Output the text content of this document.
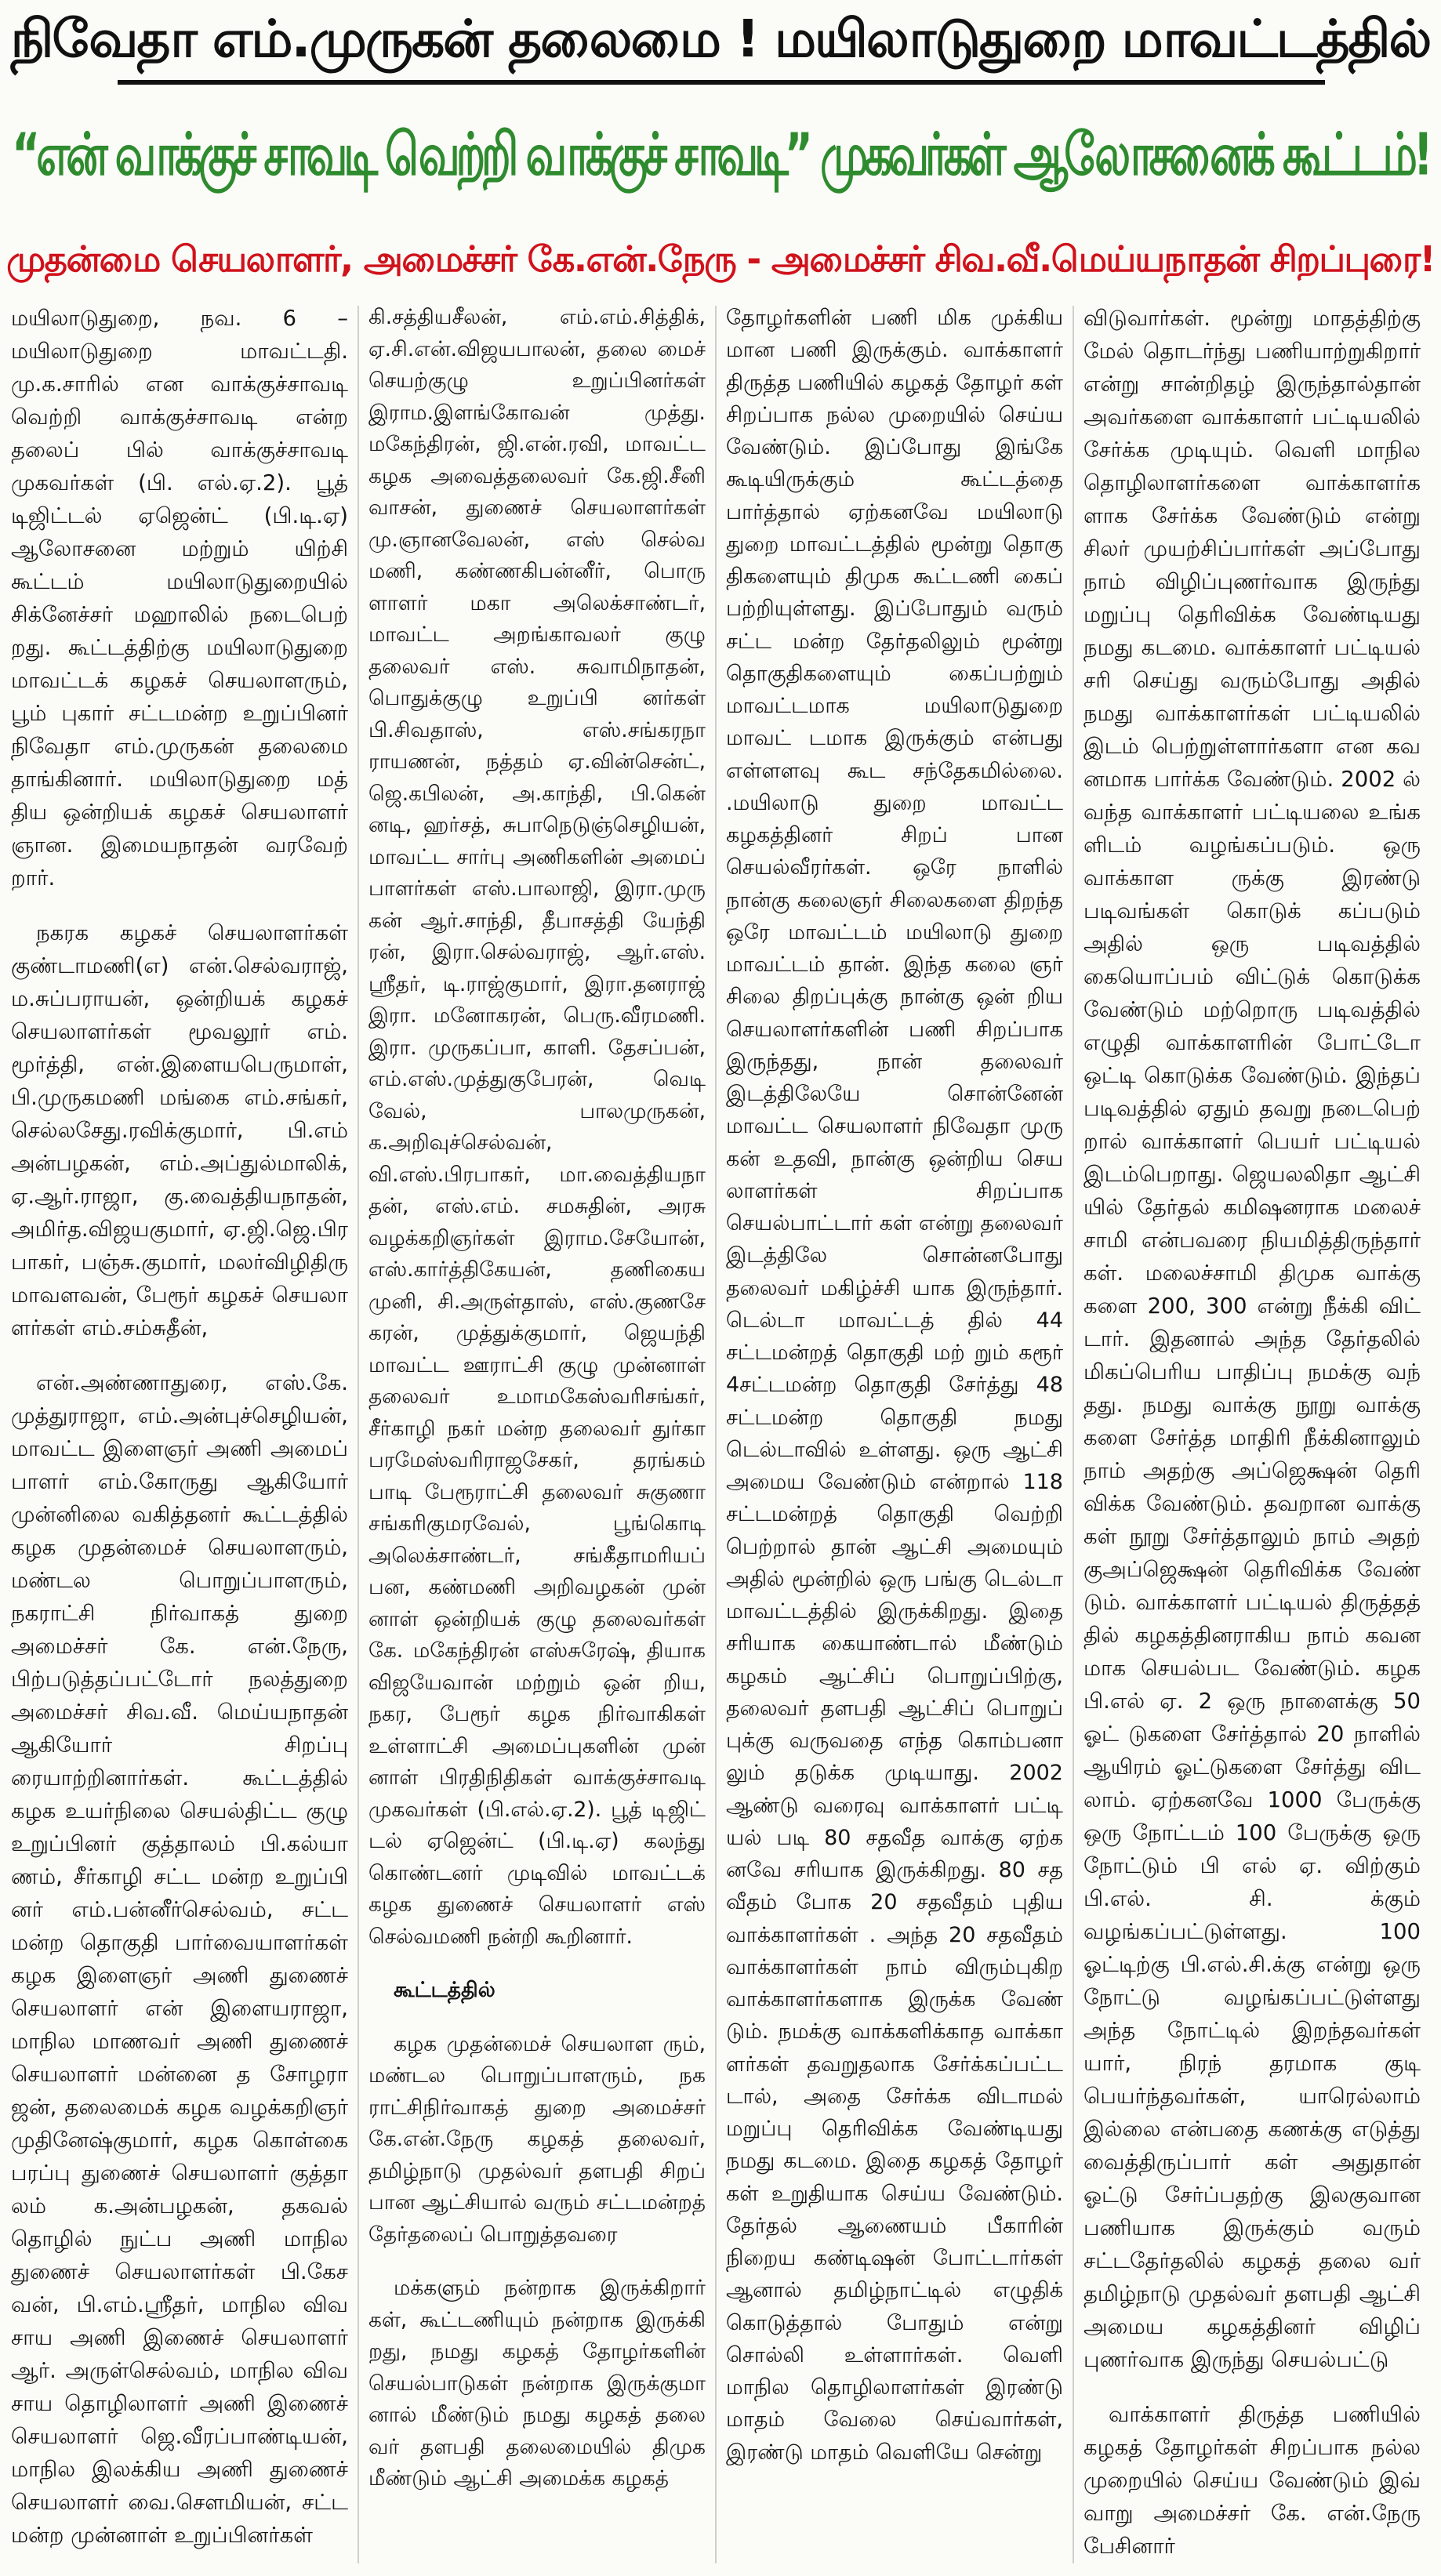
நிவேதா எம்.முருகன் தலைமை ! மயிலாடுதுறை மாவட்டத்தில்
“என் வாக்குச் சாவடி வெற்றி வாக்குச் சாவடி” முகவர்கள் ஆலோசனைக் கூட்டம்!
முதன்மை செயலாளர், அமைச்சர் கே.என்.நேரு - அமைச்சர் சிவ.வீ.மெய்யநாதன் சிறப்புரை!

மயிலாடுதுறை, நவ. 6 – மயிலாடுதுறை மாவட்டதி. மு.க.சாரில் என வாக்குச்சாவடி வெற்றி வாக்குச்சாவடி என்ற தலைப் பில் வாக்குச்சாவடி முகவர்கள் (பி. எல்.ஏ.2). பூத் டிஜிட்டல் ஏஜென்ட் (பி.டி.ஏ) ஆலோசனை மற்றும் யிற்சி கூட்டம் மயிலாடுதுறையில் சிக்னேச்சர் மஹாலில் நடைபெற் றது. கூட்டத்திற்கு மயிலாடுதுறை மாவட்டக் கழகச் செயலாளரும், பூம் புகார் சட்டமன்ற உறுப்பினர் நிவேதா எம்.முருகன் தலைமை தாங்கினார். மயிலாடுதுறை மத் திய ஒன்றியக் கழகச் செயலாளர் ஞான. இமையநாதன் வரவேற் றார்.

நகரக கழகச் செயலாளர்கள் குண்டாமணி(எ) என்.செல்வராஜ், ம.சுப்பராயன், ஒன்றியக் கழகச் செயலாளர்கள் மூவலூர் எம். மூர்த்தி, என்.இளையபெருமாள், பி.முருகமணி மங்கை எம்.சங்கர், செல்லசேது.ரவிக்குமார், பி.எம் அன்பழகன், எம்.அப்துல்மாலிக், ஏ.ஆர்.ராஜா, கு.வைத்தியநாதன், அமிர்த.விஜயகுமார், ஏ.ஜி.ஜெ.பிர பாகர், பஞ்சு.குமார், மலர்விழிதிரு மாவளவன், பேரூர் கழகச் செயலா ளர்கள் எம்.சம்சுதீன்,

என்.அண்ணாதுரை, எஸ்.கே. முத்துராஜா, எம்.அன்புச்செழியன், மாவட்ட இளைஞர் அணி அமைப் பாளர் எம்.கோருது ஆகியோர் முன்னிலை வகித்தனர் கூட்டத்தில் கழக முதன்மைச் செயலாளரும், மண்டல பொறுப்பாளரும், நகராட்சி நிர்வாகத் துறை அமைச்சர் கே. என்.நேரு, பிற்படுத்தப்பட்டோர் நலத்துறை அமைச்சர் சிவ.வீ. மெய்யநாதன் ஆகியோர் சிறப்பு ரையாற்றினார்கள். கூட்டத்தில் கழக உயர்நிலை செயல்திட்ட குழு உறுப்பினர் குத்தாலம் பி.கல்யா ணம், சீர்காழி சட்ட மன்ற உறுப்பி னர் எம்.பன்னீர்செல்வம், சட்ட மன்ற தொகுதி பார்வையாளர்கள் கழக இளைஞர் அணி துணைச் செயலாளர் என் இளையராஜா, மாநில மாணவர் அணி துணைச் செயலாளர் மன்னை த சோழரா ஜன், தலைமைக் கழக வழக்கறிஞர் முதினேஷ்குமார், கழக கொள்கை பரப்பு துணைச் செயலாளர் குத்தா லம் க.அன்பழகன், தகவல் தொழில் நுட்ப அணி மாநில துணைச் செயலாளர்கள் பி.கேச வன், பி.எம்.ஸ்ரீதர், மாநில விவ சாய அணி இணைச் செயலாளர் ஆர். அருள்செல்வம், மாநில விவ சாய தொழிலாளர் அணி இணைச் செயலாளர் ஜெ.வீரப்பாண்டியன், மாநில இலக்கிய அணி துணைச் செயலாளர் வை.சௌமியன், சட்ட மன்ற முன்னாள் உறுப்பினர்கள்

கி.சத்தியசீலன், எம்.எம்.சித்திக், ஏ.சி.என்.விஜயபாலன், தலை மைச் செயற்குழு உறுப்பினர்கள் இராம.இளங்கோவன் முத்து. மகேந்திரன், ஜி.என்.ரவி, மாவட்ட கழக அவைத்தலைவர் கே.ஜி.சீனி வாசன், துணைச் செயலாளர்கள் மு.ஞானவேலன், எஸ் செல்வ மணி, கண்ணகிபன்னீர், பொரு ளாளர் மகா அலெக்சாண்டர், மாவட்ட அறங்காவலர் குழு தலைவர் எஸ். சுவாமிநாதன், பொதுக்குழு உறுப்பி னர்கள் பி.சிவதாஸ், எஸ்.சங்கரநா ராயணன், நத்தம் ஏ.வின்சென்ட், ஜெ.கபிலன், அ.காந்தி, பி.கென் னடி, ஹர்சத், சுபாநெடுஞ்செழியன், மாவட்ட சார்பு அணிகளின் அமைப் பாளர்கள் எஸ்.பாலாஜி, இரா.முரு கன் ஆர்.சாந்தி, தீபாசத்தி யேந்தி ரன், இரா.செல்வராஜ், ஆர்.எஸ். ஸ்ரீதர், டி.ராஜ்குமார், இரா.தனராஜ் இரா. மனோகரன், பெரு.வீரமணி. இரா. முருகப்பா, காளி. தேசப்பன், எம்.எஸ்.முத்துகுபேரன், வெடி வேல், பாலமுருகன், க.அறிவுச்செல்வன், வி.எஸ்.பிரபாகர், மா.வைத்தியநா தன், எஸ்.எம். சமசுதின், அரசு வழக்கறிஞர்கள் இராம.சேயோன், எஸ்.கார்த்திகேயன், தணிகைய முனி, சி.அருள்தாஸ், எஸ்.குணசே கரன், முத்துக்குமார், ஜெயந்தி மாவட்ட ஊராட்சி குழு முன்னாள் தலைவர் உமாமகேஸ்வரிசங்கர், சீர்காழி நகர் மன்ற தலைவர் துர்கா பரமேஸ்வரிராஜசேகர், தரங்கம் பாடி பேரூராட்சி தலைவர் சுகுணா சங்கரிகுமரவேல், பூங்கொடி அலெக்சாண்டர், சங்கீதாமரியப் பன, கண்மணி அறிவழகன் முன் னாள் ஒன்றியக் குழு தலைவர்கள் கே. மகேந்திரன் எஸ்சுரேஷ், தியாக விஜயேவான் மற்றும் ஒன் றிய, நகர, பேரூர் கழக நிர்வாகிகள் உள்ளாட்சி அமைப்புகளின் முன் னாள் பிரதிநிதிகள் வாக்குச்சாவடி முகவர்கள் (பி.எல்.ஏ.2). பூத் டிஜிட் டல் ஏஜென்ட் (பி.டி.ஏ) கலந்து கொண்டனர் முடிவில் மாவட்டக் கழக துணைச் செயலாளர் எஸ் செல்வமணி நன்றி கூறினார்.

கூட்டத்தில்

கழக முதன்மைச் செயலாள ரும், மண்டல பொறுப்பாளரும், நக ராட்சிநிர்வாகத் துறை அமைச்சர் கே.என்.நேரு கழகத் தலைவர், தமிழ்நாடு முதல்வர் தளபதி சிறப் பான ஆட்சியால் வரும் சட்டமன்றத் தேர்தலைப் பொறுத்தவரை

மக்களும் நன்றாக இருக்கிறார் கள், கூட்டணியும் நன்றாக இருக்கி றது, நமது கழகத் தோழர்களின் செயல்பாடுகள் நன்றாக இருக்குமா னால் மீண்டும் நமது கழகத் தலை வர் தளபதி தலைமையில் திமுக மீண்டும் ஆட்சி அமைக்க கழகத்

தோழர்களின் பணி மிக முக்கிய மான பணி இருக்கும். வாக்காளர் திருத்த பணியில் கழகத் தோழர் கள் சிறப்பாக நல்ல முறையில் செய்ய வேண்டும். இப்போது இங்கே கூடியிருக்கும் கூட்டத்தை பார்த்தால் ஏற்கனவே மயிலாடு துறை மாவட்டத்தில் மூன்று தொகு திகளையும் திமுக கூட்டணி கைப் பற்றியுள்ளது. இப்போதும் வரும் சட்ட மன்ற தேர்தலிலும் மூன்று தொகுதிகளையும் கைப்பற்றும் மாவட்டமாக மயிலாடுதுறை மாவட் டமாக இருக்கும் என்பது எள்ளளவு கூட சந்தேகமில்லை. .மயிலாடு துறை மாவட்ட கழகத்தினர் சிறப் பான செயல்வீரர்கள். ஒரே நாளில் நான்கு கலைஞர் சிலைகளை திறந்த ஒரே மாவட்டம் மயிலாடு துறை மாவட்டம் தான். இந்த கலை ஞர் சிலை திறப்புக்கு நான்கு ஒன் றிய செயலாளர்களின் பணி சிறப்பாக இருந்தது, நான் தலைவர் இடத்திலேயே சொன்னேன் மாவட்ட செயலாளர் நிவேதா முரு கன் உதவி, நான்கு ஒன்றிய செய லாளர்கள் சிறப்பாக செயல்பாட்டார் கள் என்று தலைவர் இடத்திலே சொன்னபோது தலைவர் மகிழ்ச்சி யாக இருந்தார். டெல்டா மாவட்டத் தில் 44 சட்டமன்றத் தொகுதி மற் றும் கரூர் 4சட்டமன்ற தொகுதி சேர்த்து 48 சட்டமன்ற தொகுதி நமது டெல்டாவில் உள்ளது. ஒரு ஆட்சி அமைய வேண்டும் என்றால் 118 சட்டமன்றத் தொகுதி வெற்றி பெற்றால் தான் ஆட்சி அமையும் அதில் மூன்றில் ஒரு பங்கு டெல்டா மாவட்டத்தில் இருக்கிறது. இதை சரியாக கையாண்டால் மீண்டும் கழகம் ஆட்சிப் பொறுப்பிற்கு, தலைவர் தளபதி ஆட்சிப் பொறுப் புக்கு வருவதை எந்த கொம்பனா லும் தடுக்க முடியாது. 2002 ஆண்டு வரைவு வாக்காளர் பட்டி யல் படி 80 சதவீத வாக்கு ஏற்க னவே சரியாக இருக்கிறது. 80 சத வீதம் போக 20 சதவீதம் புதிய வாக்காளர்கள் . அந்த 20 சதவீதம் வாக்காளர்கள் நாம் விரும்புகிற வாக்காளர்களாக இருக்க வேண் டும். நமக்கு வாக்களிக்காத வாக்கா ளர்கள் தவறுதலாக சேர்க்கப்பட்ட டால், அதை சேர்க்க விடாமல் மறுப்பு தெரிவிக்க வேண்டியது நமது கடமை. இதை கழகத் தோழர் கள் உறுதியாக செய்ய வேண்டும். தேர்தல் ஆணையம் பீகாரின் நிறைய கண்டிஷன் போட்டார்கள் ஆனால் தமிழ்நாட்டில் எழுதிக் கொடுத்தால் போதும் என்று சொல்லி உள்ளார்கள். வெளி மாநில தொழிலாளர்கள் இரண்டு மாதம் வேலை செய்வார்கள், இரண்டு மாதம் வெளியே சென்று

விடுவார்கள். மூன்று மாதத்திற்கு மேல் தொடர்ந்து பணியாற்றுகிறார் என்று சான்றிதழ் இருந்தால்தான் அவர்களை வாக்காளர் பட்டியலில் சேர்க்க முடியும். வெளி மாநில தொழிலாளர்களை வாக்காளர்க ளாக சேர்க்க வேண்டும் என்று சிலர் முயற்சிப்பார்கள் அப்போது நாம் விழிப்புணர்வாக இருந்து மறுப்பு தெரிவிக்க வேண்டியது நமது கடமை. வாக்காளர் பட்டியல் சரி செய்து வரும்போது அதில் நமது வாக்காளர்கள் பட்டியலில் இடம் பெற்றுள்ளார்களா என கவ னமாக பார்க்க வேண்டும். 2002 ல் வந்த வாக்காளர் பட்டியலை உங்க ளிடம் வழங்கப்படும். ஒரு வாக்காள ருக்கு இரண்டு படிவங்கள் கொடுக் கப்படும் அதில் ஒரு படிவத்தில் கையொப்பம் விட்டுக் கொடுக்க வேண்டும் மற்றொரு படிவத்தில் எழுதி வாக்காளரின் போட்டோ ஒட்டி கொடுக்க வேண்டும். இந்தப் படிவத்தில் ஏதும் தவறு நடைபெற் றால் வாக்காளர் பெயர் பட்டியல் இடம்பெறாது. ஜெயலலிதா ஆட்சி யில் தேர்தல் கமிஷனராக மலைச் சாமி என்பவரை நியமித்திருந்தார் கள். மலைச்சாமி திமுக வாக்கு களை 200, 300 என்று நீக்கி விட் டார். இதனால் அந்த தேர்தலில் மிகப்பெரிய பாதிப்பு நமக்கு வந் தது. நமது வாக்கு நூறு வாக்கு களை சேர்த்த மாதிரி நீக்கினாலும் நாம் அதற்கு அப்ஜெக்ஷன் தெரி விக்க வேண்டும். தவறான வாக்கு கள் நூறு சேர்த்தாலும் நாம் அதற் குஅப்ஜெக்ஷன் தெரிவிக்க வேண் டும். வாக்காளர் பட்டியல் திருத்தத் தில் கழகத்தினராகிய நாம் கவன மாக செயல்பட வேண்டும். கழக பி.எல் ஏ. 2 ஒரு நாளைக்கு 50 ஓட் டுகளை சேர்த்தால் 20 நாளில் ஆயிரம் ஓட்டுகளை சேர்த்து விட லாம். ஏற்கனவே 1000 பேருக்கு ஒரு நோட்டம் 100 பேருக்கு ஒரு நோட்டும் பி எல் ஏ. விற்கும் பி.எல். சி. க்கும் வழங்கப்பட்டுள்ளது. 100 ஓட்டிற்கு பி.எல்.சி.க்கு என்று ஒரு நோட்டு வழங்கப்பட்டுள்ளது அந்த நோட்டில் இறந்தவர்கள் யார், நிரந் தரமாக குடி பெயர்ந்தவர்கள், யாரெல்லாம் இல்லை என்பதை கணக்கு எடுத்து வைத்திருப்பார் கள் அதுதான் ஓட்டு சேர்ப்பதற்கு இலகுவான பணியாக இருக்கும் வரும் சட்டதேர்தலில் கழகத் தலை வர் தமிழ்நாடு முதல்வர் தளபதி ஆட்சி அமைய கழகத்தினர் விழிப் புணர்வாக இருந்து செயல்பட்டு

வாக்காளர் திருத்த பணியில் கழகத் தோழர்கள் சிறப்பாக நல்ல முறையில் செய்ய வேண்டும் இவ் வாறு அமைச்சர் கே. என்.நேரு பேசினார்
